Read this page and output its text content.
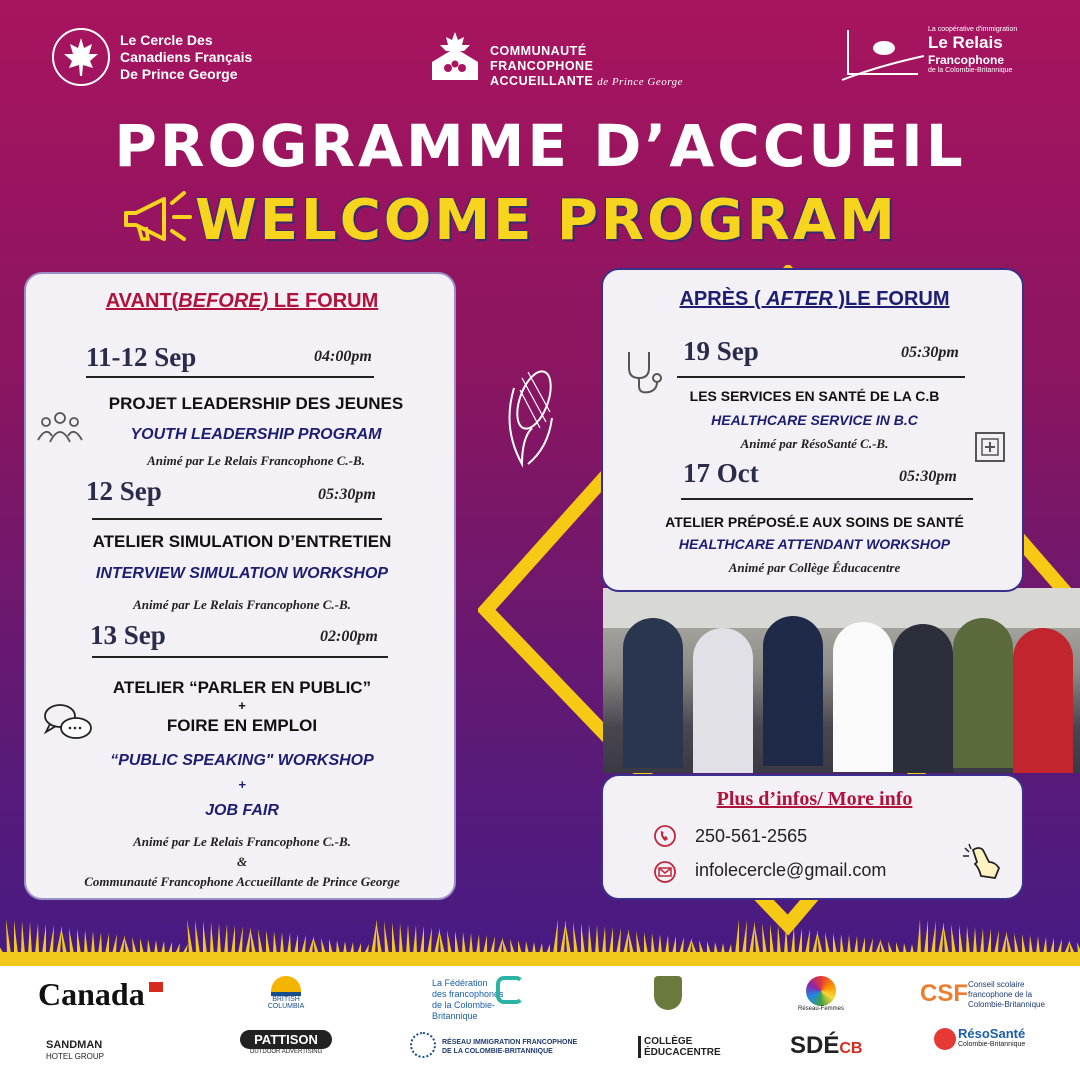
Le Cercle Des
Canadiens Français
De Prince George
COMMUNAUTÉ FRANCOPHONE
ACCUEILLANTE de Prince George
La coopérative d'immigration
Le Relais
Francophone
de la Colombie-Britannique
PROGRAMME D’ACCUEIL
WELCOME PROGRAM
AVANT(BEFORE) LE FORUM
11-12 Sep	04:00pm
PROJET LEADERSHIP DES JEUNES
YOUTH LEADERSHIP PROGRAM
Animé par Le Relais Francophone C.-B.
12 Sep	05:30pm
ATELIER SIMULATION D’ENTRETIEN
INTERVIEW SIMULATION WORKSHOP
Animé par Le Relais Francophone C.-B.
13 Sep	02:00pm
ATELIER “PARLER EN PUBLIC”
+
FOIRE EN EMPLOI
“PUBLIC SPEAKING" WORKSHOP
+
JOB FAIR
Animé par Le Relais Francophone C.-B.
&
Communauté Francophone Accueillante de Prince George
APRÈS ( AFTER )LE FORUM
19 Sep	05:30pm
LES SERVICES EN SANTÉ DE LA C.B
HEALTHCARE SERVICE IN B.C
Animé par RésoSanté C.-B.
17 Oct	05:30pm
ATELIER PRÉPOSÉ.E AUX SOINS DE SANTÉ
HEALTHCARE ATTENDANT WORKSHOP
Animé par Collège Éducacentre
Plus d’infos/ More info
250-561-2565
infolecercle@gmail.com
Canada	BRITISH
COLUMBIA
La Fédération
des francophones
de la Colombie-Britannique
Réseau-Femmes
CSF Conseil scolaire
francophone de la
Colombie-Britannique
SANDMAN
HOTEL GROUP
PATTISON
OUTDOOR ADVERTISING
RÉSEAU IMMIGRATION FRANCOPHONE
DE LA COLOMBIE-BRITANNIQUE
COLLÈGE
ÉDUCACENTRE	SDÉCB
RésoSanté
Colombie-Britannique
